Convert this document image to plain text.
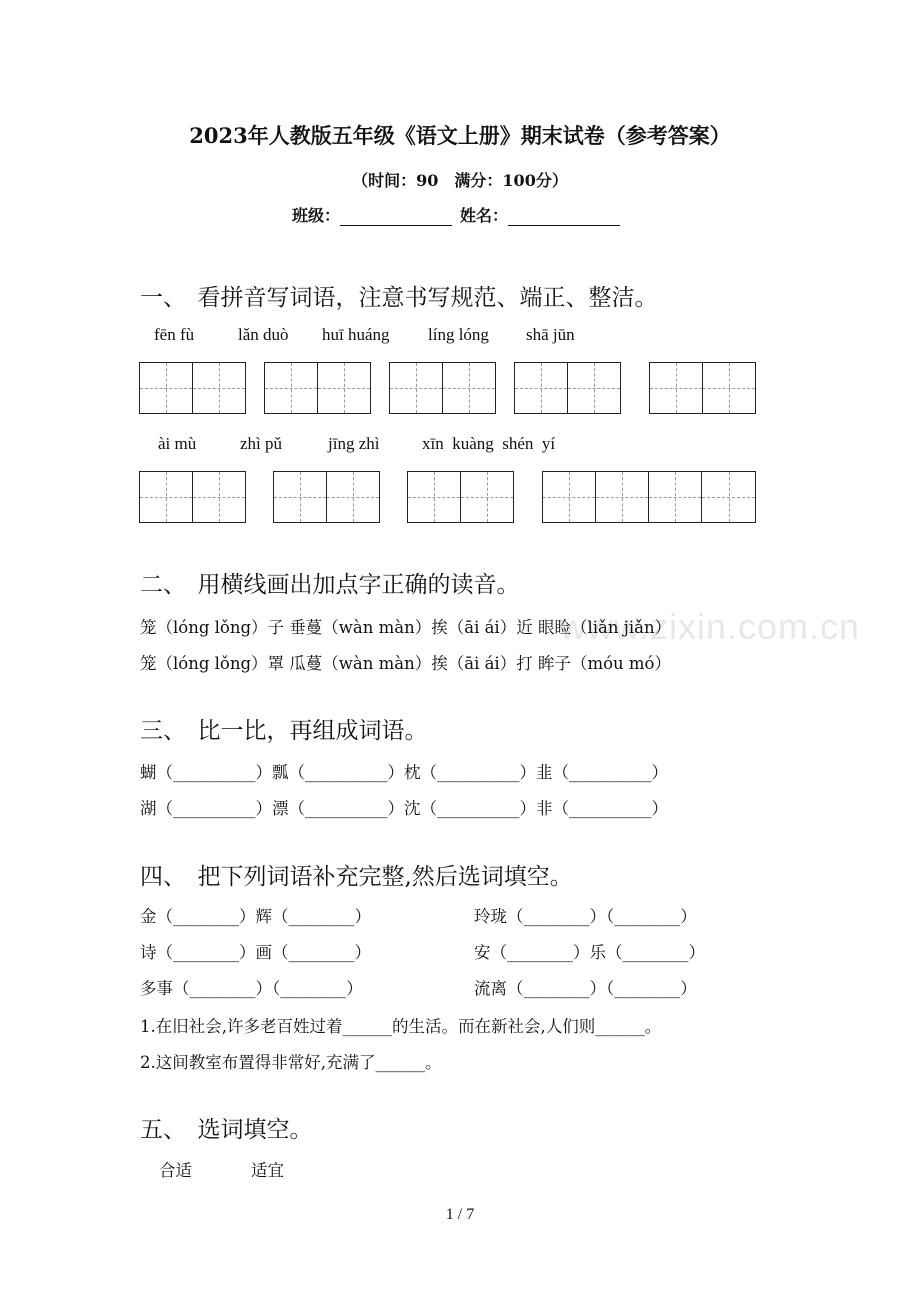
2023年人教版五年级《语文上册》期末试卷（参考答案）
（时间：90　满分：100分）
班级：	姓名：
www.zixin.com.cn
一、　看拼音写词语，注意书写规范、端正、整洁。
fēn fù	lǎn duò huī huáng líng lóng shā jūn
ài mù	zhì pǔ	jīng zhì	xīn  kuàng  shén  yí
二、　用横线画出加点字正确的读音。
笼（lóng lǒng）子 垂蔓（wàn màn）挨（āi ái）近 眼睑（liǎn jiǎn）
笼（lóng lǒng）罩 瓜蔓（wàn màn）挨（āi ái）打 眸子（móu mó）
三、　比一比，再组成词语。
蝴（__________）瓢（__________）枕（__________）韭（__________）
湖（__________）漂（__________）沈（__________）非（__________）
四、　把下列词语补充完整,然后选词填空。
金（________）辉（________）
诗（________）画（________）
多事（________）（________）
玲珑（________）（________）
安（________）乐（________）
流离（________）（________）
1.在旧社会,许多老百姓过着______的生活。而在新社会,人们则______。
2.这间教室布置得非常好,充满了______。
五、　选词填空。
合适	适宜
1 / 7
